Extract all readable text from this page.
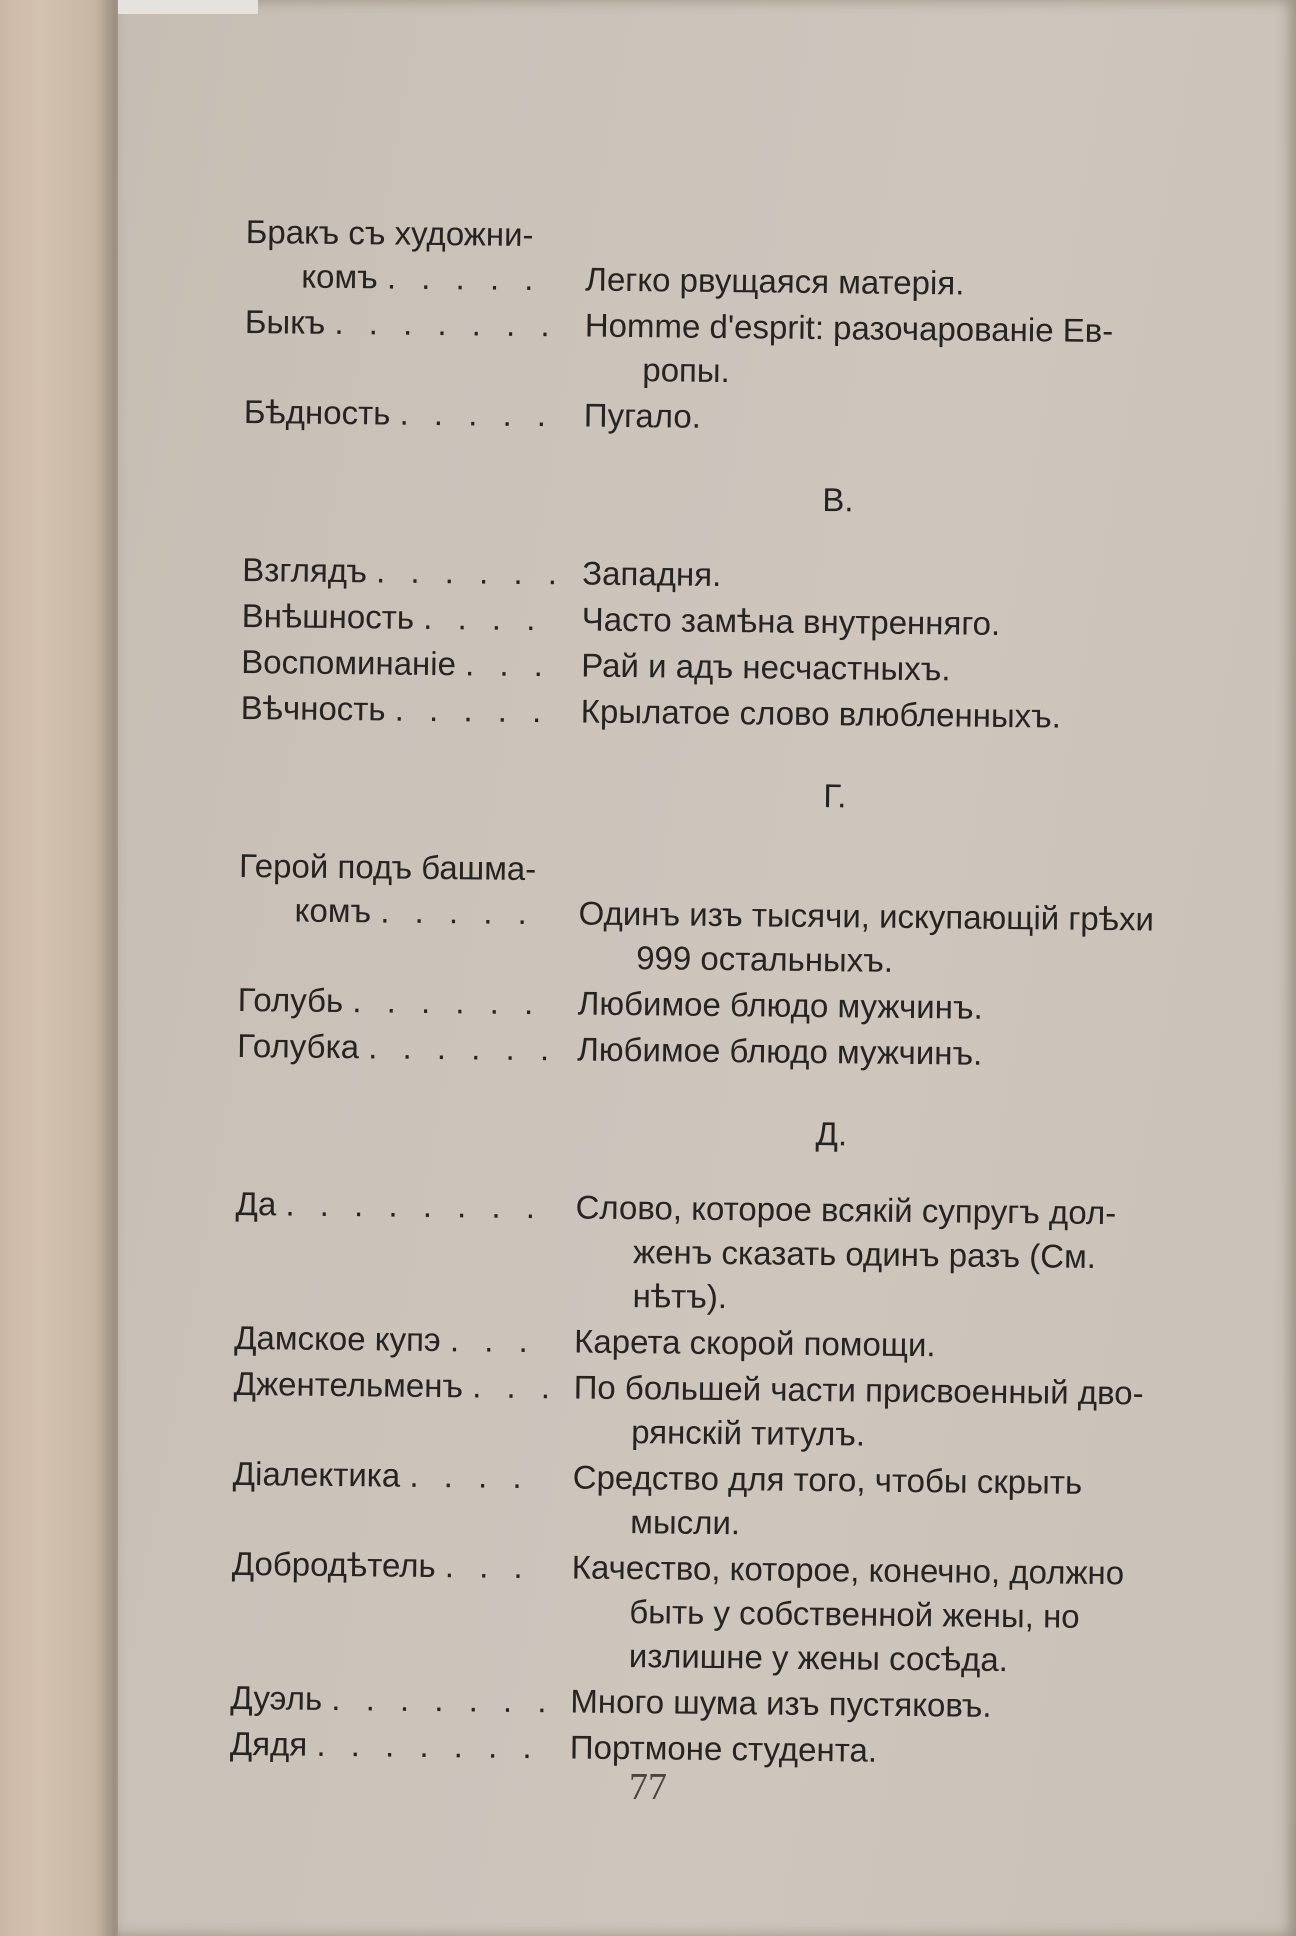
Бракъ съ художни-
комъ . . . . .
	Легко рвущаяся матерія.
Быкъ . . . . . . . Homme d'esprit: разочарованіе Ев-
ропы.
Бѣдность . . . . . Пугало.
В.
Взглядъ . . . . . . Западня.
Внѣшность . . . .	Часто замѣна внутренняго.
Воспоминаніе . . . Рай и адъ несчастныхъ.
Вѣчность . . . . . Крылатое слово влюбленныхъ.
Г.
Герой подъ башма-
комъ . . . . .
	Одинъ изъ тысячи, искупающій грѣхи
999 остальныхъ.
Голубь . . . . . .	Любимое блюдо мужчинъ.
Голубка . . . . . . Любимое блюдо мужчинъ.
Д.
Да . . . . . . . . Слово, которое всякій супругъ дол-
женъ сказать одинъ разъ (См.
нѣтъ).
Дамское купэ . . .	Карета скорой помощи.
Джентельменъ . . . По большей части присвоенный дво-
рянскій титулъ.
Діалектика . . . .	Средство для того, чтобы скрыть
мысли.
Добродѣтель . . .	Качество, которое, конечно, должно
быть у собственной жены, но
излишне у жены сосѣда.
Дуэль . . . . . . . Много шума изъ пустяковъ.
Дядя . . . . . . . Портмоне студента.
77
